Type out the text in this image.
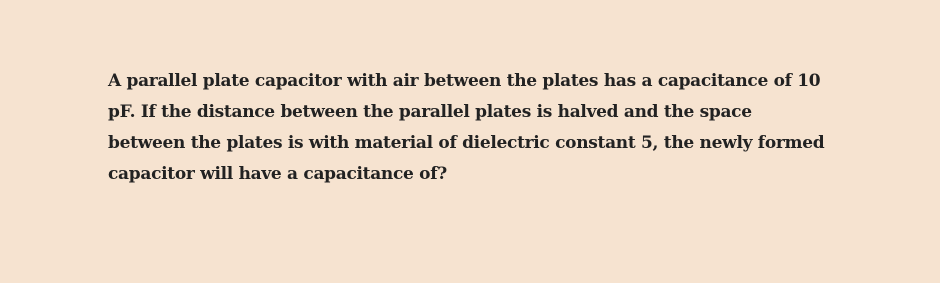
A parallel plate capacitor with air between the plates has a capacitance of 10
pF. If the distance between the parallel plates is halved and the space
between the plates is with material of dielectric constant 5, the newly formed
capacitor will have a capacitance of?
